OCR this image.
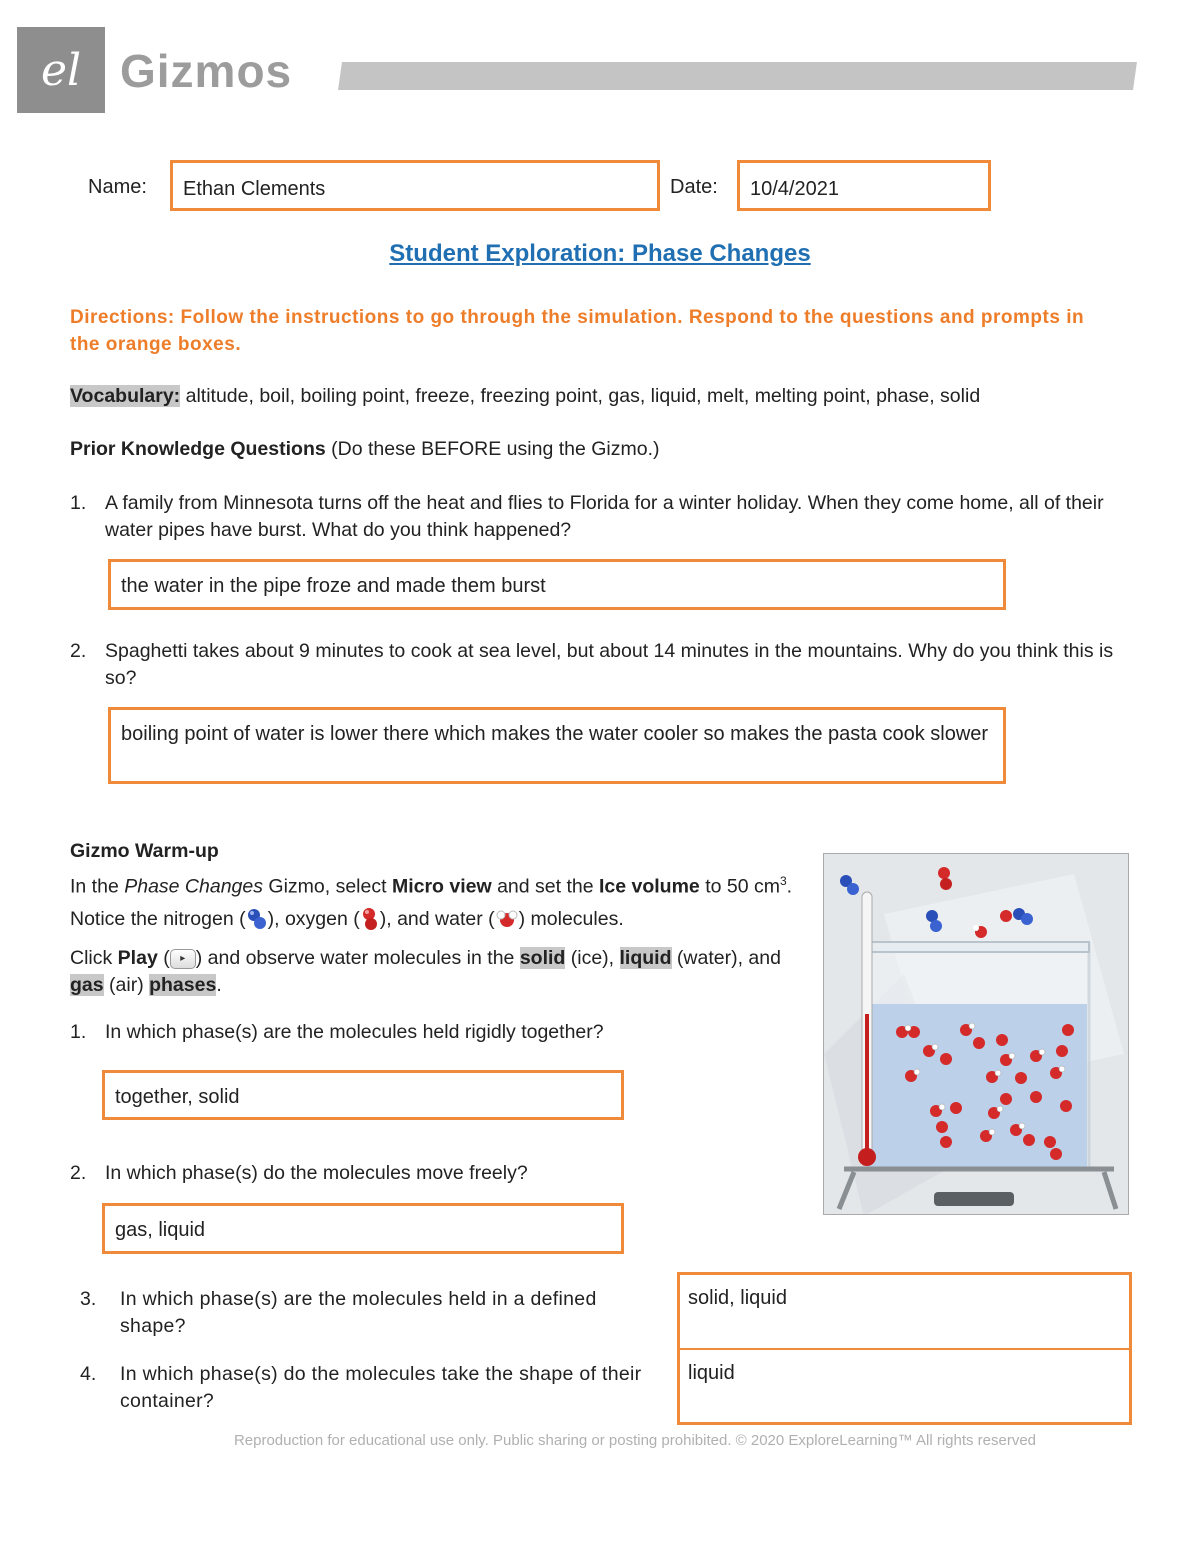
el Gizmos
Name:	Ethan Clements	Date:	10/4/2021
Student Exploration: Phase Changes
Directions: Follow the instructions to go through the simulation. Respond to the questions and prompts in the orange boxes.
Vocabulary: altitude, boil, boiling point, freeze, freezing point, gas, liquid, melt, melting point, phase, solid
Prior Knowledge Questions (Do these BEFORE using the Gizmo.)
1. A family from Minnesota turns off the heat and flies to Florida for a winter holiday. When they come home, all of their water pipes have burst. What do you think happened?
the water in the pipe froze and made them burst
2. Spaghetti takes about 9 minutes to cook at sea level, but about 14 minutes in the mountains. Why do you think this is so?
boiling point of water is lower there which makes the water cooler so makes the pasta cook slower
Gizmo Warm-up
In the Phase Changes Gizmo, select Micro view and set the Ice volume to 50 $cm^3$. Notice the nitrogen ( ), oxygen ( ), and water ( ) molecules.
Click Play ( ▸ ) and observe water molecules in the solid (ice), liquid (water), and gas (air) phases.
1. In which phase(s) are the molecules held rigidly together?
together, solid
2. In which phase(s) do the molecules move freely?
gas, liquid
3. In which phase(s) are the molecules held in a defined shape?
4. In which phase(s) do the molecules take the shape of their container?
solid, liquid
liquid
Reproduction for educational use only. Public sharing or posting prohibited. © 2020 ExploreLearning™ All rights reserved
